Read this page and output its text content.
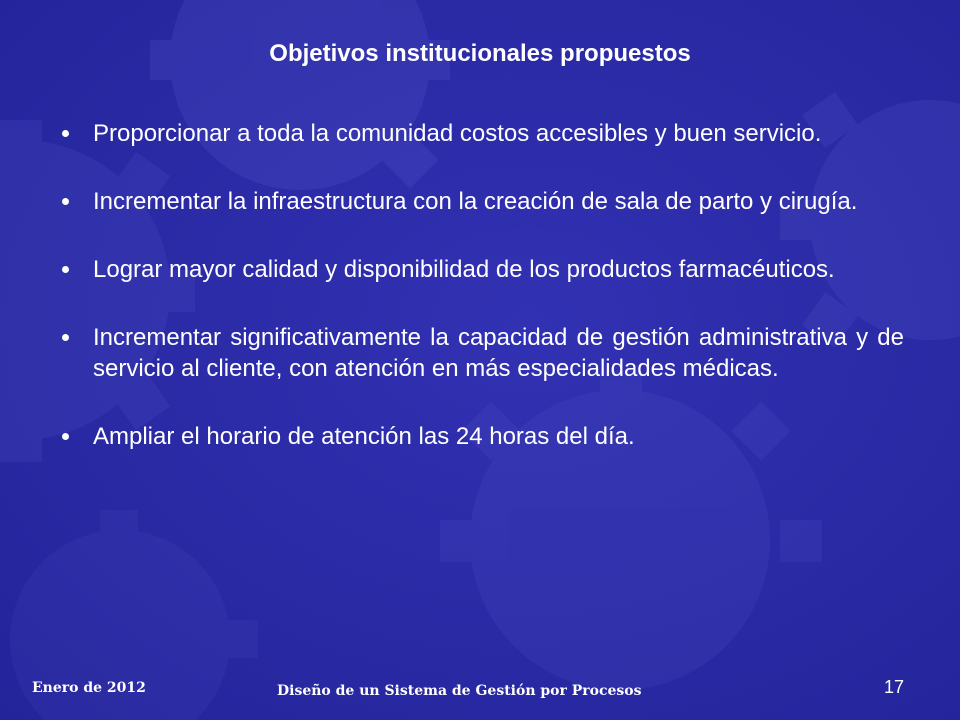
Objetivos institucionales propuestos
Proporcionar a toda la comunidad costos accesibles y buen servicio.
Incrementar la infraestructura con la creación de sala de parto y cirugía.
Lograr mayor calidad y disponibilidad de los productos farmacéuticos.
Incrementar significativamente la capacidad de gestión administrativa y de servicio al cliente, con atención en más especialidades médicas.
Ampliar el horario de atención las 24 horas del día.
Enero de 2012	Diseño de un Sistema de Gestión por Procesos	17
